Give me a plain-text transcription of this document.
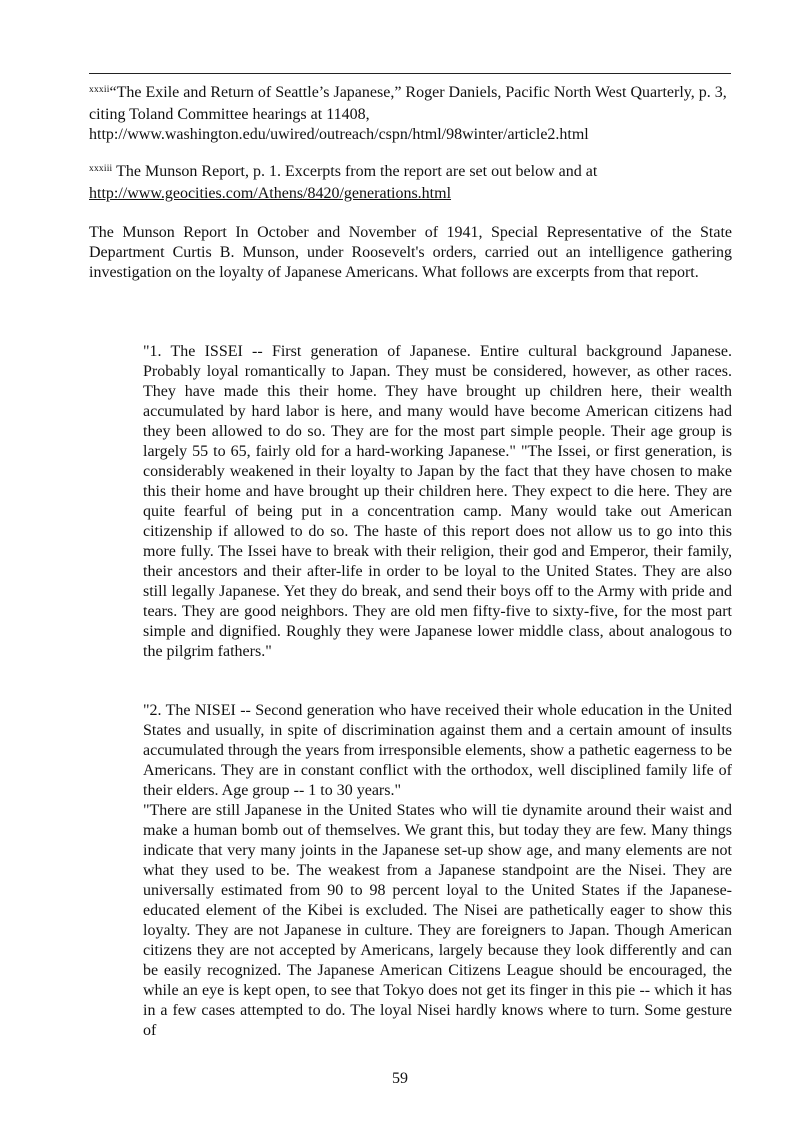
$^{xxxii}$“The Exile and Return of Seattle’s Japanese,” Roger Daniels, Pacific North West Quarterly, p. 3, citing Toland Committee hearings at 11408, http://www.washington.edu/uwired/outreach/cspn/html/98winter/article2.html
$^{xxxiii}$ The Munson Report, p. 1. Excerpts from the report are set out below and at http://www.geocities.com/Athens/8420/generations.html

The Munson Report In October and November of 1941, Special Representative of the State Department Curtis B. Munson, under Roosevelt's orders, carried out an intelligence gathering investigation on the loyalty of Japanese Americans. What follows are excerpts from that report.

"1. The ISSEI -- First generation of Japanese. Entire cultural background Japanese. Probably loyal romantically to Japan. They must be considered, however, as other races. They have made this their home. They have brought up children here, their wealth accumulated by hard labor is here, and many would have become American citizens had they been allowed to do so. They are for the most part simple people. Their age group is largely 55 to 65, fairly old for a hard-working Japanese." "The Issei, or first generation, is considerably weakened in their loyalty to Japan by the fact that they have chosen to make this their home and have brought up their children here. They expect to die here. They are quite fearful of being put in a concentration camp. Many would take out American citizenship if allowed to do so. The haste of this report does not allow us to go into this more fully. The Issei have to break with their religion, their god and Emperor, their family, their ancestors and their after-life in order to be loyal to the United States. They are also still legally Japanese. Yet they do break, and send their boys off to the Army with pride and tears. They are good neighbors. They are old men fifty-five to sixty-five, for the most part simple and dignified. Roughly they were Japanese lower middle class, about analogous to the pilgrim fathers."

"2. The NISEI -- Second generation who have received their whole education in the United States and usually, in spite of discrimination against them and a certain amount of insults accumulated through the years from irresponsible elements, show a pathetic eagerness to be Americans. They are in constant conflict with the orthodox, well disciplined family life of their elders. Age group -- 1 to 30 years."

"There are still Japanese in the United States who will tie dynamite around their waist and make a human bomb out of themselves. We grant this, but today they are few. Many things indicate that very many joints in the Japanese set-up show age, and many elements are not what they used to be. The weakest from a Japanese standpoint are the Nisei. They are universally estimated from 90 to 98 percent loyal to the United States if the Japanese-educated element of the Kibei is excluded. The Nisei are pathetically eager to show this loyalty. They are not Japanese in culture. They are foreigners to Japan. Though American citizens they are not accepted by Americans, largely because they look differently and can be easily recognized. The Japanese American Citizens League should be encouraged, the while an eye is kept open, to see that Tokyo does not get its finger in this pie -- which it has in a few cases attempted to do. The loyal Nisei hardly knows where to turn. Some gesture of

59
